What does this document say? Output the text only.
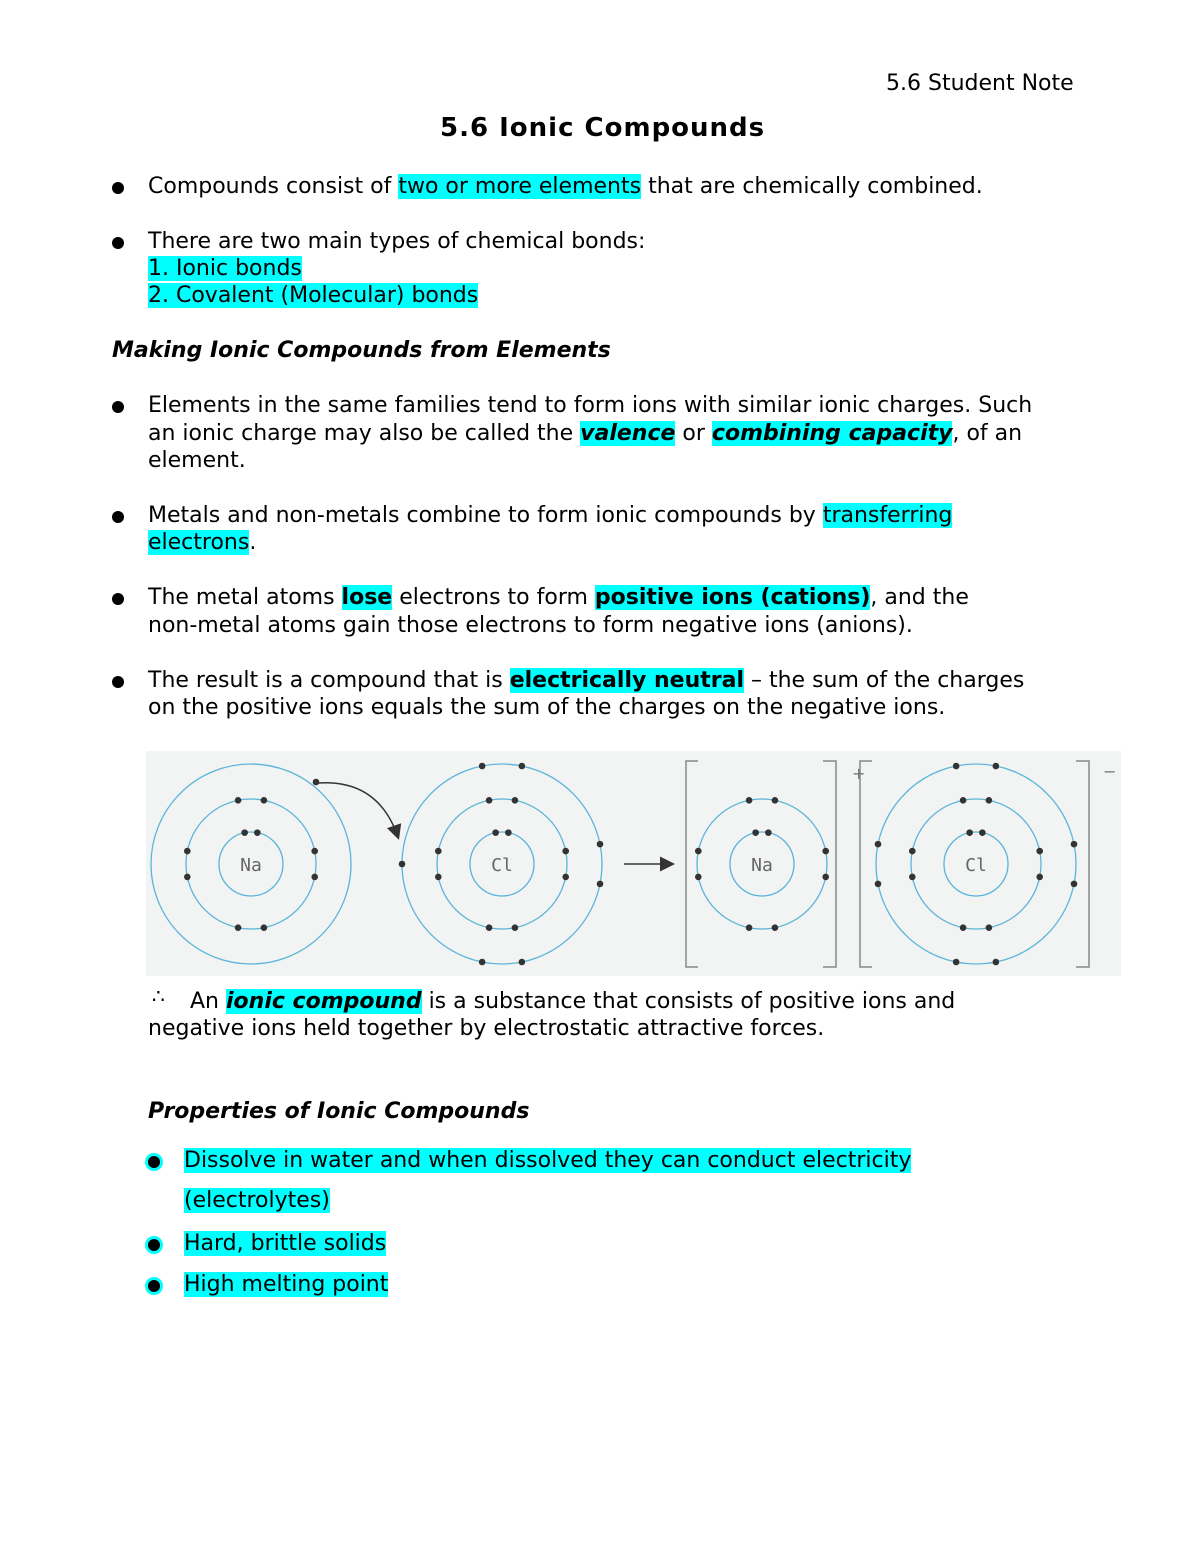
5.6 Student Note
5.6 Ionic Compounds
Compounds consist of two or more elements that are chemically combined.
There are two main types of chemical bonds:
1. Ionic bonds
2. Covalent (Molecular) bonds
Making Ionic Compounds from Elements
Elements in the same families tend to form ions with similar ionic charges. Such
an ionic charge may also be called the valence or combining capacity, of an
element.
Metals and non-metals combine to form ionic compounds by transferring
electrons.
The metal atoms lose electrons to form positive ions (cations), and the
non-metal atoms gain those electrons to form negative ions (anions).
The result is a compound that is electrically neutral – the sum of the charges
on the positive ions equals the sum of the charges on the negative ions.
+	−
Na	Cl	Na	Cl
∴ An ionic compound is a substance that consists of positive ions and
negative ions held together by electrostatic attractive forces.
Properties of Ionic Compounds
Dissolve in water and when dissolved they can conduct electricity
(electrolytes)
Hard, brittle solids
High melting point
